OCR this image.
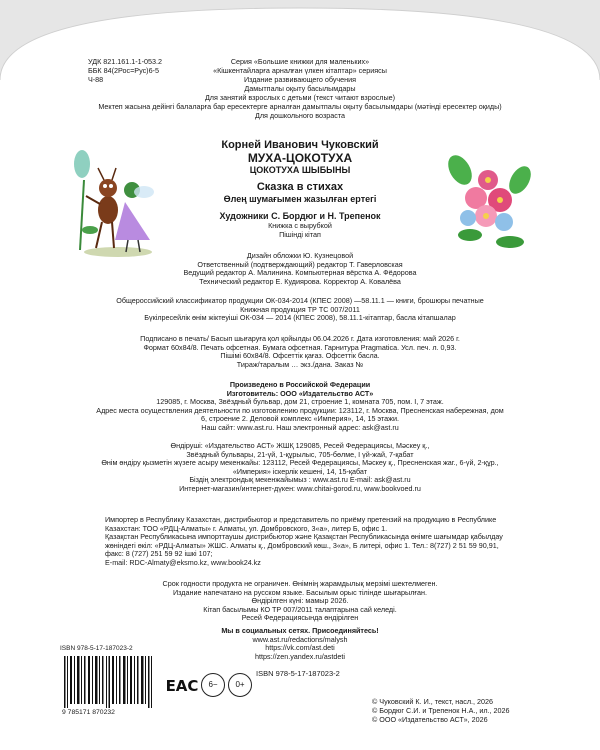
УДК 821.161.1-1-053.2
ББК 84(2Рос=Рус)6-5
Ч-88
Серия «Большие книжки для маленьких»
«Кішкентайларға арналған үлкен кітаптар» сериясы
Издание развивающего обучения
Дамытпалы оқыту басылымдары
Для занятий взрослых с детьми (текст читают взрослые)
Мектеп жасына дейінгі балаларға бар ересектерге арналған дамытпалы оқыту басылымдары (мәтінді ересектер оқиды)
Для дошкольного возраста
Корней Иванович Чуковский
МУХА-ЦОКОТУХА
ЦОКОТУХА ШЫБЫНЫ
Сказка в стихах
Өлең шумағымен жазылған ертегі
Художники С. Бордюг и Н. Трепенок
Книжка с вырубкой
Пішінді кітап
Дизайн обложки Ю. Кузнецовой
Ответственный (подтверждающий) редактор Т. Гаверловская
Ведущий редактор А. Малинина. Компьютерная вёрстка А. Фёдорова
Технический редактор Е. Кудиярова. Корректор А. Ковалёва
Общероссийский классификатор продукции ОК-034-2014 (КПЕС 2008) —58.11.1 — книги, брошюры печатные
Книжная продукция ТР ТС 007/2011
Бүкілресейлік өнім жіктеуіші ОК-034 — 2014 (КПЕС 2008), 58.11.1-кітаптар, басла кітапшалар
Подписано в печать/ Басып шығаруға қол қойылды 06.04.2026 г. Дата изготовления: май 2026 г.
Формат 60x84/8. Печать офсетная. Бумага офсетная. Гарнитура Pragmatica. Усл. печ. л. 0,93.
Пішімі 60x84/8. Офсеттік қағаз. Офсеттік басла.
Тираж/таралым … экз./дана. Заказ №
Произведено в Российской Федерации
Изготовитель: ООО «Издательство АСТ»
129085, г. Москва, Звёздный бульвар, дом 21, строение 1, комната 705, пом. I, 7 этаж.
Адрес места осуществления деятельности по изготовлению продукции: 123112, г. Москва, Пресненская набережная, дом
6, строение 2. Деловой комплекс «Империя», 14, 15 этажи.
Наш сайт: www.ast.ru. Наш электронный адрес: ask@ast.ru
Өндіруші: «Издательство АСТ» ЖШҚ 129085, Ресей Федерациясы, Мәскеу қ.,
Звёздный бульвары, 21-үй, 1-құрылыс, 705-бөлме, I үй-жай, 7-қабат
Өнім өндіру қызметін жүзеге асыру мекенжайы: 123112, Ресей Федерациясы, Мәскеу қ., Пресненская жаг., 6-үй, 2-құр.,
«Империя» іскерлік кешені, 14, 15-қабат
Біздің электрондық мекенжайымыз : www.ast.ru E-mail: ask@ast.ru
Интернет-магазин/интернет-дүкен: www.chitai-gorod.ru, www.bookvoed.ru
Импортер в Республику Казахстан, дистрибьютор и представитель по приёму претензий на продукцию в Республике
Казахстан: ТОО «РДЦ-Алматы» г. Алматы, ул. Домбровского, 3«а», литер Б, офис 1.
Қазақстан Республикасына импорттаушы дистрибьютор және Қазақстан Республикасында өнімге шағымдар қабылдау
жөніндегі өкіл: «РДЦ-Алматы» ЖШС. Алматы қ., Домбровский көш., 3«а», Б литері, офис 1. Тел.: 8(727) 2 51 59 90,91,
факс: 8 (727) 251 59 92 ішкі 107;
E-mail: RDC-Almaty@eksmo.kz, www.book24.kz
Срок годности продукта не ограничен. Өнімнің жарамдылық мерзімі шектелмеген.
Издание напечатано на русском языке. Басылым орыс тілінде шығарылған.
Өндірілген күні: мамыр 2026.
Кітап басылымы КО ТР 007/2011 талаптарына сай келеді.
Ресей Федерациясында өндірілген
Мы в социальных сетях. Присоединяйтесь!
www.ast.ru/redactions/malysh
https://vk.com/ast.deti
https://zen.yandex.ru/astdeti
ISBN 978-5-17-187023-2
9 785171 870232
EAC	6−	0+
ISBN 978-5-17-187023-2
© Чуковский К. И., текст, насл., 2026
© Бордюг С.И. и Трепенок Н.А., ил., 2026
© ООО «Издательство АСТ», 2026
